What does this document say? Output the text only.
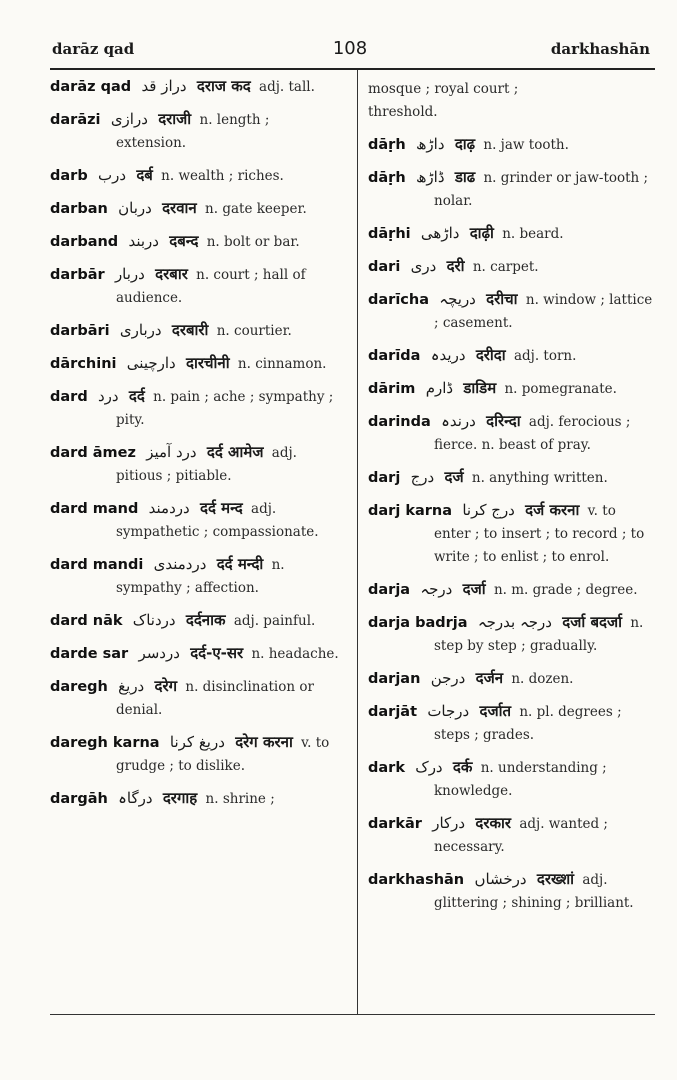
darāz qad	108	darkhashān
darāz qad دراز قد दराज कद adj. tall.
darāzi درازی दराजी n. length ; extension.
darb درب दर्ब n. wealth ; riches.
darban دربان दरवान n. gate keeper.
darband دربند दबन्द n. bolt or bar.
darbār دربار दरबार n. court ; hall of audience.
darbāri درباری दरबारी n. courtier.
dārchini دارچینی दारचीनी n. cinnamon.
dard درد दर्द n. pain ; ache ; sympathy ; pity.
dard āmez درد آمیز दर्द आमेज adj. pitious ; pitiable.
dard mand دردمند दर्द मन्द adj. sympathetic ; compassionate.
dard mandi دردمندی दर्द मन्दी n. sympathy ; affection.
dard nāk دردناک दर्दनाक adj. painful.
darde sar دردسر दर्द-ए-सर n. headache.
daregh دریغ दरेग n. disinclination or denial.
daregh karna دریغ کرنا दरेग करना v. to grudge ; to dislike.
dargāh درگاہ दरगाह n. shrine ;
mosque ; royal court ; threshold.
dāṛh داڑھ दाढ़ n. jaw tooth.
dāṛh ڈاڑھ डाढ n. grinder or jaw-tooth ; nolar.
dāṛhi داڑھی दाढ़ी n. beard.
dari دری दरी n. carpet.
darīcha دریچہ दरीचा n. window ; lattice ; casement.
darīda دریدہ दरीदा adj. torn.
dārim ڈارم डाडिम n. pomegranate.
darinda درندہ दरिन्दा adj. ferocious ; fierce. n. beast of pray.
darj درج दर्ज n. anything written.
darj karna درج کرنا दर्ज करना v. to enter ; to insert ; to record ; to write ; to enlist ; to enrol.
darja درجہ दर्जा n. m. grade ; degree.
darja badrja درجہ بدرجہ दर्जा बदर्जा n. step by step ; gradually.
darjan درجن दर्जन n. dozen.
darjāt درجات दर्जात n. pl. degrees ; steps ; grades.
dark درک दर्क n. understanding ; knowledge.
darkār درکار दरकार adj. wanted ; necessary.
darkhashān درخشاں दरख्शां adj. glittering ; shining ; brilliant.
